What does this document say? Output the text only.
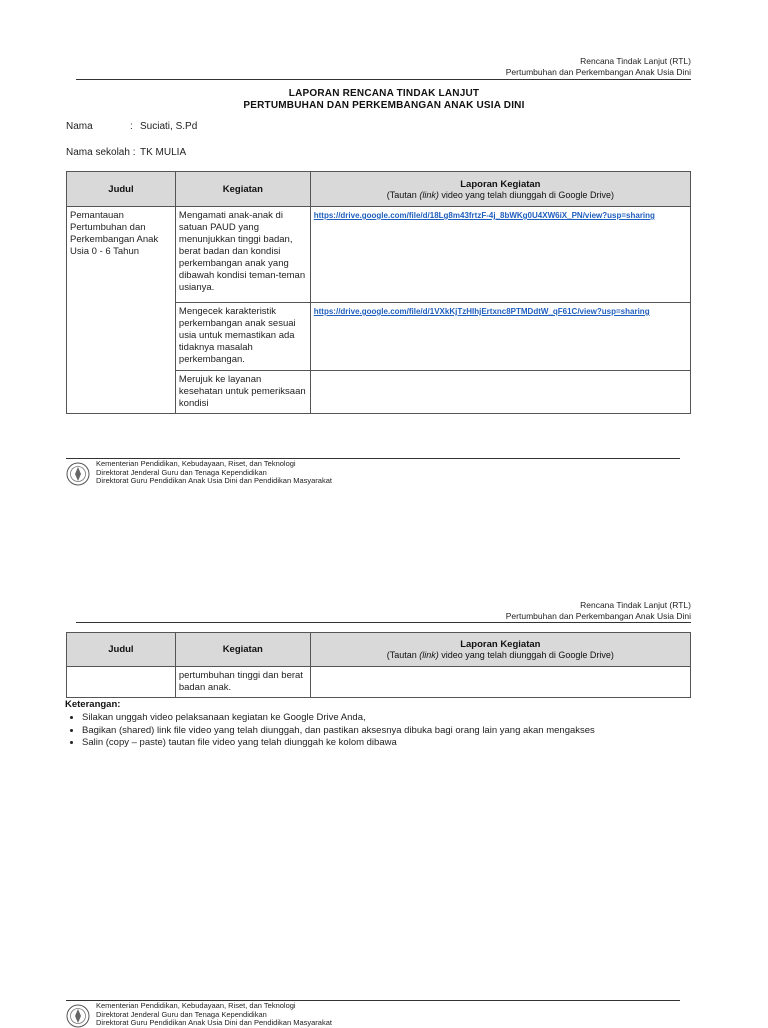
Rencana Tindak Lanjut (RTL)
Pertumbuhan dan Perkembangan Anak Usia Dini
LAPORAN RENCANA TINDAK LANJUT
PERTUMBUHAN DAN PERKEMBANGAN ANAK USIA DINI
Nama	: Suciati, S.Pd
Nama sekolah : TK MULIA
Judul	Kegiatan	Laporan Kegiatan
(Tautan (link) video yang telah diunggah di Google Drive)

Pemantauan Pertumbuhan dan Perkembangan Anak Usia 0 - 6 Tahun	Mengamati anak-anak di satuan PAUD yang menunjukkan tinggi badan, berat badan dan kondisi perkembangan anak yang dibawah kondisi teman-teman usianya.	https://drive.google.com/file/d/18Lg8m43frtzF-4j_8bWKg0U4XW6iX_PN/view?usp=sharing
	Mengecek karakteristik perkembangan anak sesuai usia untuk memastikan ada tidaknya masalah perkembangan.	https://drive.google.com/file/d/1VXkKjTzHIhjErtxnc8PTMDdtW_qF61C/view?usp=sharing
	Merujuk ke layanan kesehatan untuk pemeriksaan kondisi	
Kementerian Pendidikan, Kebudayaan, Riset, dan Teknologi
Direktorat Jenderal Guru dan Tenaga Kependidikan
Direktorat Guru Pendidikan Anak Usia Dini dan Pendidikan Masyarakat
Rencana Tindak Lanjut (RTL)
Pertumbuhan dan Perkembangan Anak Usia Dini
Judul	Kegiatan	Laporan Kegiatan
(Tautan (link) video yang telah diunggah di Google Drive)

	pertumbuhan tinggi dan berat badan anak.	
Keterangan:
• Silakan unggah video pelaksanaan kegiatan ke Google Drive Anda,
• Bagikan (shared) link file video yang telah diunggah, dan pastikan aksesnya dibuka bagi orang lain yang akan mengakses
• Salin (copy – paste) tautan file video yang telah diunggah ke kolom dibawa
Kementerian Pendidikan, Kebudayaan, Riset, dan Teknologi
Direktorat Jenderal Guru dan Tenaga Kependidikan
Direktorat Guru Pendidikan Anak Usia Dini dan Pendidikan Masyarakat
